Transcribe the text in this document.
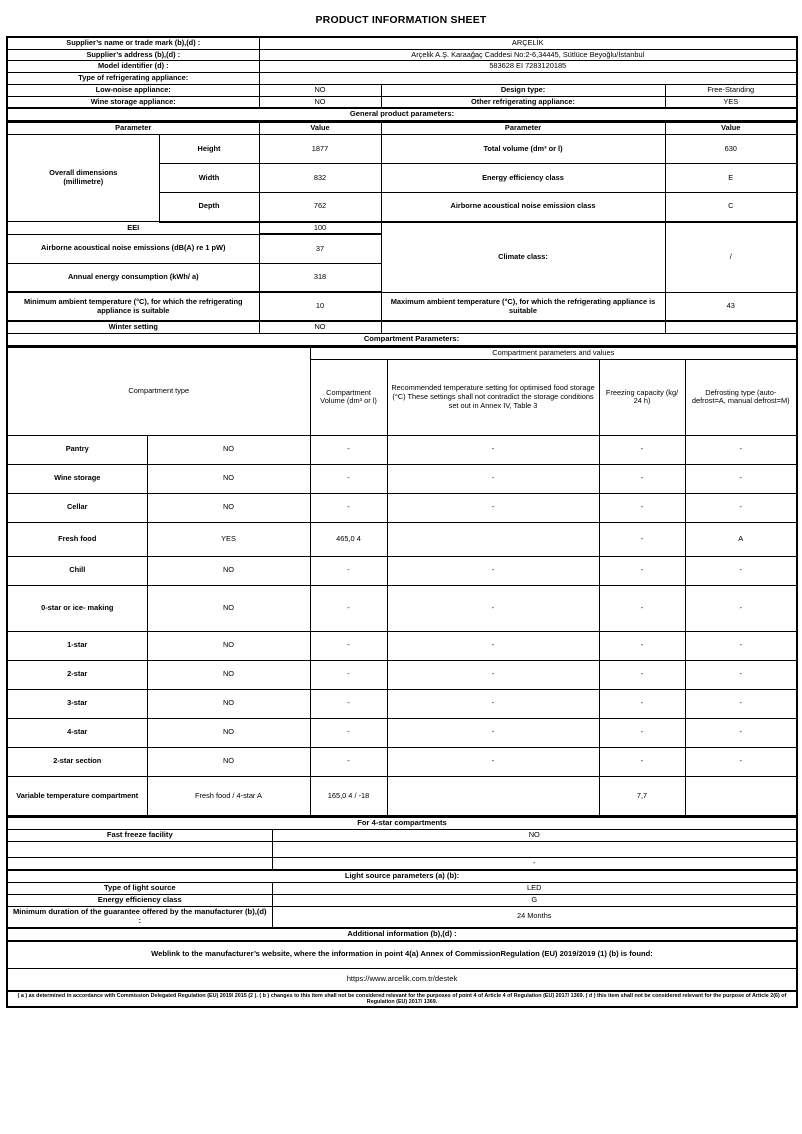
PRODUCT INFORMATION SHEET
Supplier’s name or trade mark (b),(d) :	ARÇELİK		
Supplier’s address (b),(d) :	Arçelik A.Ş. Karaağaç Caddesi No:2-6,34445, Sütlüce Beyoğlu/İstanbul		
Model identifier (d) :	583628 EI 7283120185		
Type of refrigerating appliance:			
Low-noise appliance:	NO	Design type:	Free-Standing
Wine storage appliance:	NO	Other refrigerating appliance:	YES
General product parameters:			
Parameter		Value	Parameter	Value

Overall dimensions
(millimetre)	Height	1877	Total volume (dm³ or l)	630
	Width	832	Energy efficiency class	E
	Depth	762	Airborne acoustical noise emission class	C
EEI		100	Climate class:	/
Airborne acoustical noise emissions (dB(A) re 1 pW)		37		
Annual energy consumption (kWh/ a)		318		
Minimum ambient temperature (°C), for which the refrigerating appliance is suitable		10	Maximum ambient temperature (°C), for which the refrigerating appliance is suitable	43
Winter setting		NO		
Compartment Parameters:				
Compartment type		Compartment parameters and values			
		Compartment Volume (dm³ or l)	Recommended temperature setting for optimised food storage (°C) These settings shall not contradict the storage conditions set out in Annex IV, Table 3	Freezing capacity (kg/ 24 h)	Defrosting type (auto-defrost=A, manual defrost=M)
Pantry	NO	-	-	-	-
Wine storage	NO	-	-	-	-
Cellar	NO	-	-	-	-
Fresh food	YES	465,0 4		-	A
Chill	NO	-	-	-	-
0-star or ice- making	NO	-	-	-	-
1-star	NO	-	-	-	-
2-star	NO	-	-	-	-
3-star	NO	-	-	-	-
4-star	NO	-	-	-	-
2-star section	NO	-	-	-	-
Variable temperature compartment	Fresh food / 4-star A	165,0 4 / -18		7,7	
For 4-star compartments	
Fast freeze facility	NO

	-
Light source parameters (a) (b):	
Type of light source	LED
Energy efficiency class	G
Minimum duration of the guarantee offered by the manufacturer (b),(d) :	24 Months
Additional information (b),(d) :	
Weblink to the manufacturer’s website, where the information in point 4(a) Annex of CommissionRegulation (EU) 2019/2019 (1) (b) is found:	
https://www.arcelik.com.tr/destek	
( a ) as determined in accordance with Commission Delegated Regulation (EU) 2019/ 2015 (2 ). ( b ) changes to this item shall not be considered relevant for the purposes of point 4 of Article 4 of Regulation (EU) 2017/ 1369. ( d ) this item shall not be considered relevant for the purpose of Article 2(6) of Regulation (EU) 2017/ 1369.	
